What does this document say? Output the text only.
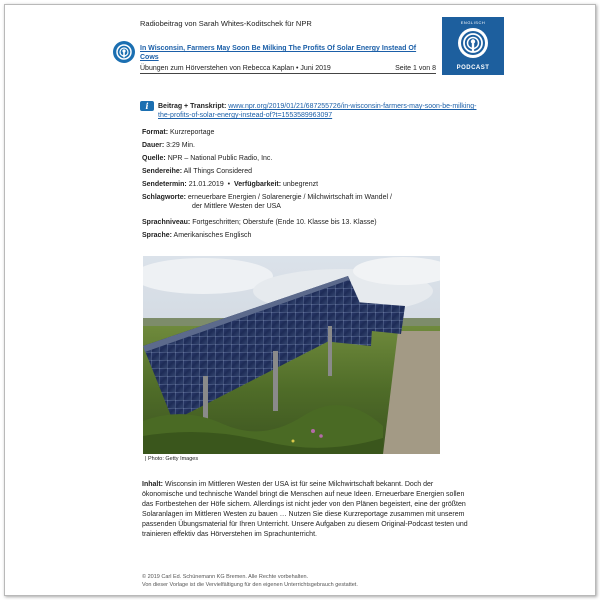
Radiobeitrag von Sarah Whites-Koditschek für NPR
In Wisconsin, Farmers May Soon Be Milking The Profits Of Solar Energy Instead Of Cows
Übungen zum Hörverstehen von Rebecca Kaplan • Juni 2019	Seite 1 von 8
ENGLISCH
PODCAST
i	Beitrag + Transkript: www.npr.org/2019/01/21/687255726/in-wisconsin-farmers-may-soon-be-milking-the-profits-of-solar-energy-instead-of?t=1553589963097
Format: Kurzreportage
Dauer: 3:29 Min.
Quelle: NPR – National Public Radio, Inc.
Sendereihe: All Things Considered
Sendetermin: 21.01.2019  •  Verfügbarkeit: unbegrenzt
Schlagworte: erneuerbare Energien / Solarenergie / Milchwirtschaft im Wandel /
der Mittlere Westen der USA
Sprachniveau: Fortgeschritten; Oberstufe (Ende 10. Klasse bis 13. Klasse)
Sprache: Amerikanisches Englisch
| Photo: Getty Images
Inhalt: Wisconsin im Mittleren Westen der USA ist für seine Milchwirtschaft bekannt. Doch der ökonomische und technische Wandel bringt die Menschen auf neue Ideen. Erneuerbare Energien sollen das Fortbestehen der Höfe sichern. Allerdings ist nicht jeder von den Plänen begeistert, eine der größten Solaranlagen im Mittleren Westen zu bauen … Nutzen Sie diese Kurzreportage zusammen mit unserem passenden Übungsmaterial für Ihren Unterricht. Unsere Aufgaben zu diesem Original-Podcast testen und trainieren effektiv das Hörverstehen im Sprachunterricht.
© 2019 Carl Ed. Schünemann KG Bremen. Alle Rechte vorbehalten.
Von dieser Vorlage ist die Vervielfältigung für den eigenen Unterrichtsgebrauch gestattet.
